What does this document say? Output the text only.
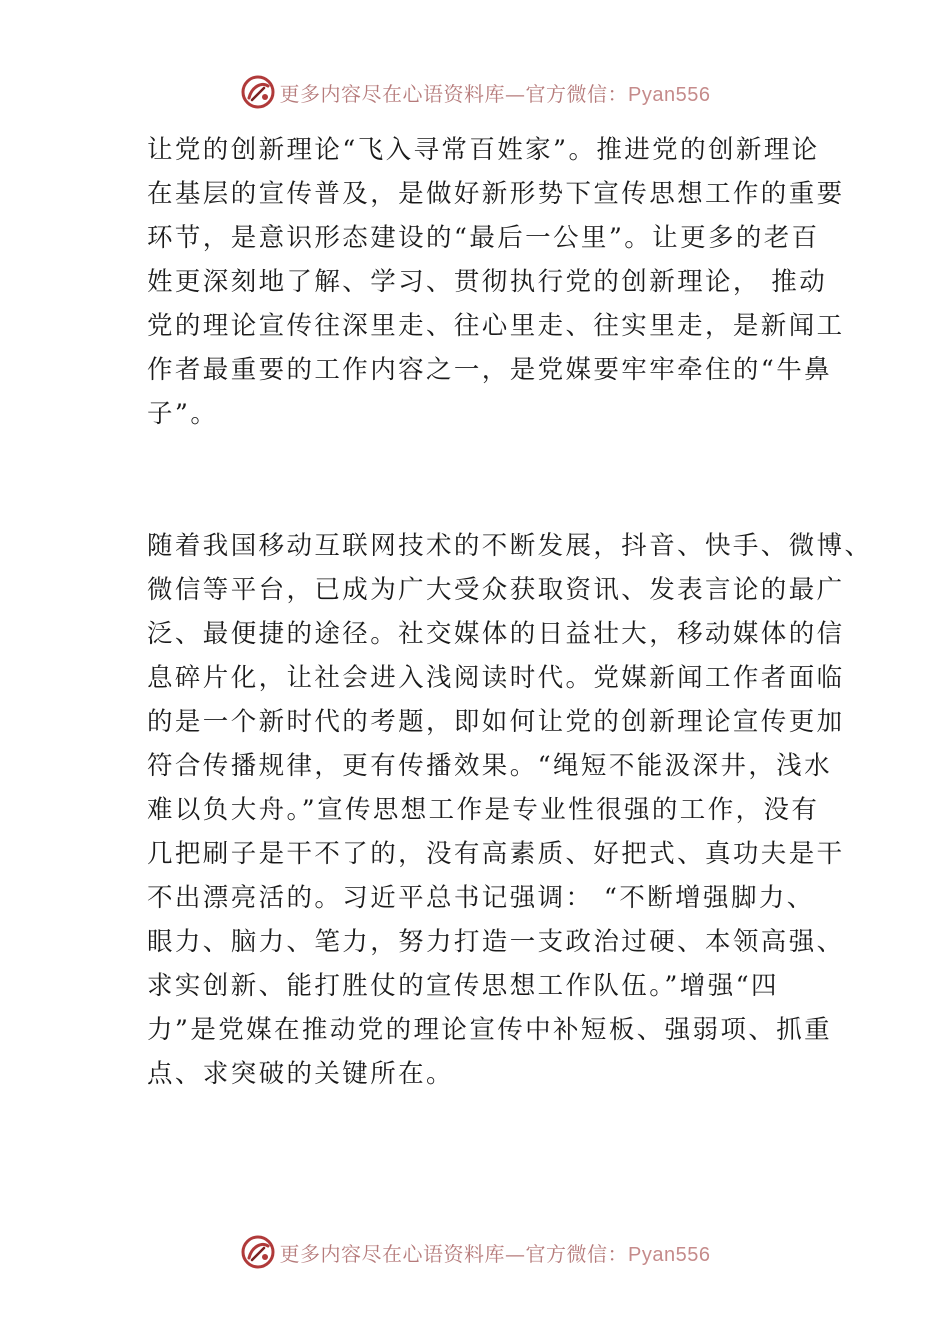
更多内容尽在心语资料库—官方微信：Pyan556

让党的创新理论“飞入寻常百姓家”。推进党的创新理论
在基层的宣传普及，是做好新形势下宣传思想工作的重要
环节，是意识形态建设的“最后一公里”。让更多的老百
姓更深刻地了解、学习、贯彻执行党的创新理论， 推动
党的理论宣传往深里走、往心里走、往实里走，是新闻工
作者最重要的工作内容之一，是党媒要牢牢牵住的“牛鼻
子”。

随着我国移动互联网技术的不断发展，抖音、快手、微博、
微信等平台，已成为广大受众获取资讯、发表言论的最广
泛、最便捷的途径。社交媒体的日益壮大，移动媒体的信
息碎片化，让社会进入浅阅读时代。党媒新闻工作者面临
的是一个新时代的考题，即如何让党的创新理论宣传更加
符合传播规律，更有传播效果。“绳短不能汲深井，浅水
难以负大舟。”宣传思想工作是专业性很强的工作，没有
几把刷子是干不了的，没有高素质、好把式、真功夫是干
不出漂亮活的。习近平总书记强调： “不断增强脚力、
眼力、脑力、笔力，努力打造一支政治过硬、本领高强、
求实创新、能打胜仗的宣传思想工作队伍。”增强“四
力”是党媒在推动党的理论宣传中补短板、强弱项、抓重
点、求突破的关键所在。

更多内容尽在心语资料库—官方微信：Pyan556
